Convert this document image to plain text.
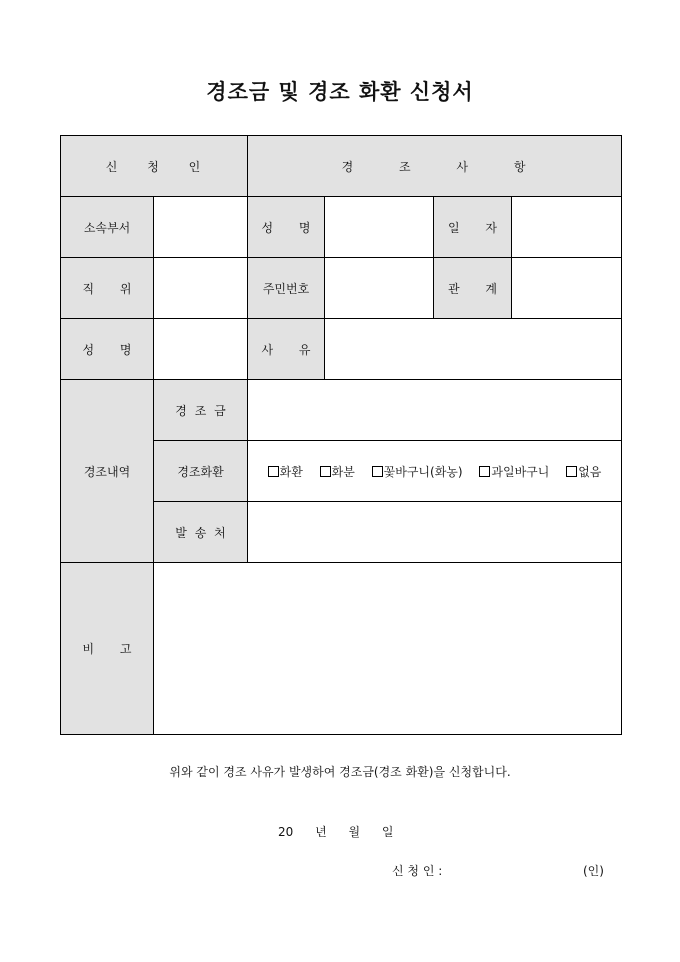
경조금 및 경조 화환 신청서
신 청 인		경 조 사 항			
소속부서		성 명		일 자	
직 위		주민번호		관 계	
성 명		사 유			
경조내역	경 조 금				
	경조화환	화환 화분 꽃바구니(화농) 과일바구니 없음			
	발 송 처				
비 고					
위와 같이 경조 사유가 발생하여 경조금(경조 화환)을 신청합니다.
20 년 월 일
신 청 인 :	(인)
